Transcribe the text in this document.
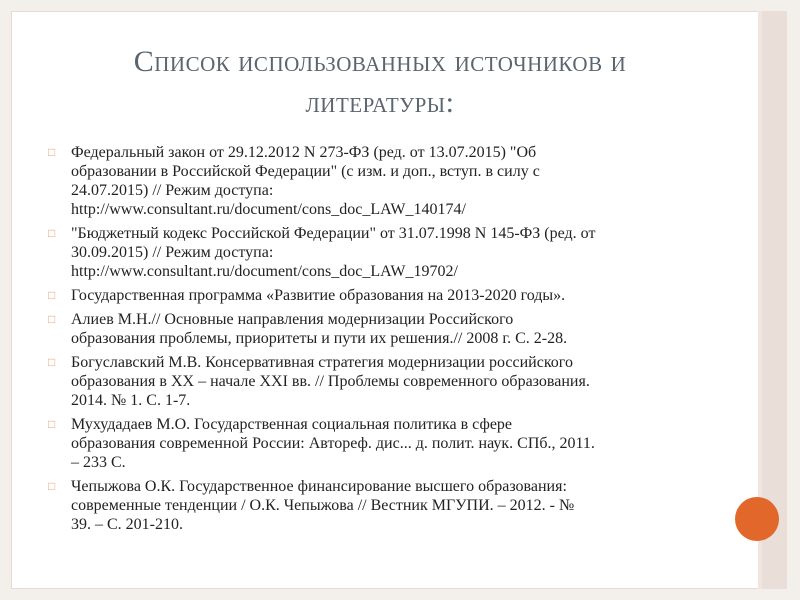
Список использованных источников и
литературы:
□ Федеральный закон от 29.12.2012 N 273-ФЗ (ред. от 13.07.2015) "Об
образовании в Российской Федерации" (с изм. и доп., вступ. в силу с
24.07.2015) // Режим доступа:
http://www.consultant.ru/document/cons_doc_LAW_140174/
□ "Бюджетный кодекс Российской Федерации" от 31.07.1998 N 145-ФЗ (ред. от
30.09.2015) // Режим доступа:
http://www.consultant.ru/document/cons_doc_LAW_19702/
□ Государственная программа «Развитие образования на 2013-2020 годы».
□ Алиев М.Н.// Основные направления модернизации Российского
образования проблемы, приоритеты и пути их решения.// 2008 г. С. 2-28.
□ Богуславский М.В. Консервативная стратегия модернизации российского
образования в XX – начале XXI вв. // Проблемы современного образования.
2014. № 1. С. 1-7.
□ Мухудадаев М.О. Государственная социальная политика в сфере
образования современной России: Автореф. дис... д. полит. наук. СПб., 2011.
– 233 С.
□ Чепыжова О.К. Государственное финансирование высшего образования:
современные тенденции / О.К. Чепыжова // Вестник МГУПИ. – 2012. - №
39. – С. 201-210.
